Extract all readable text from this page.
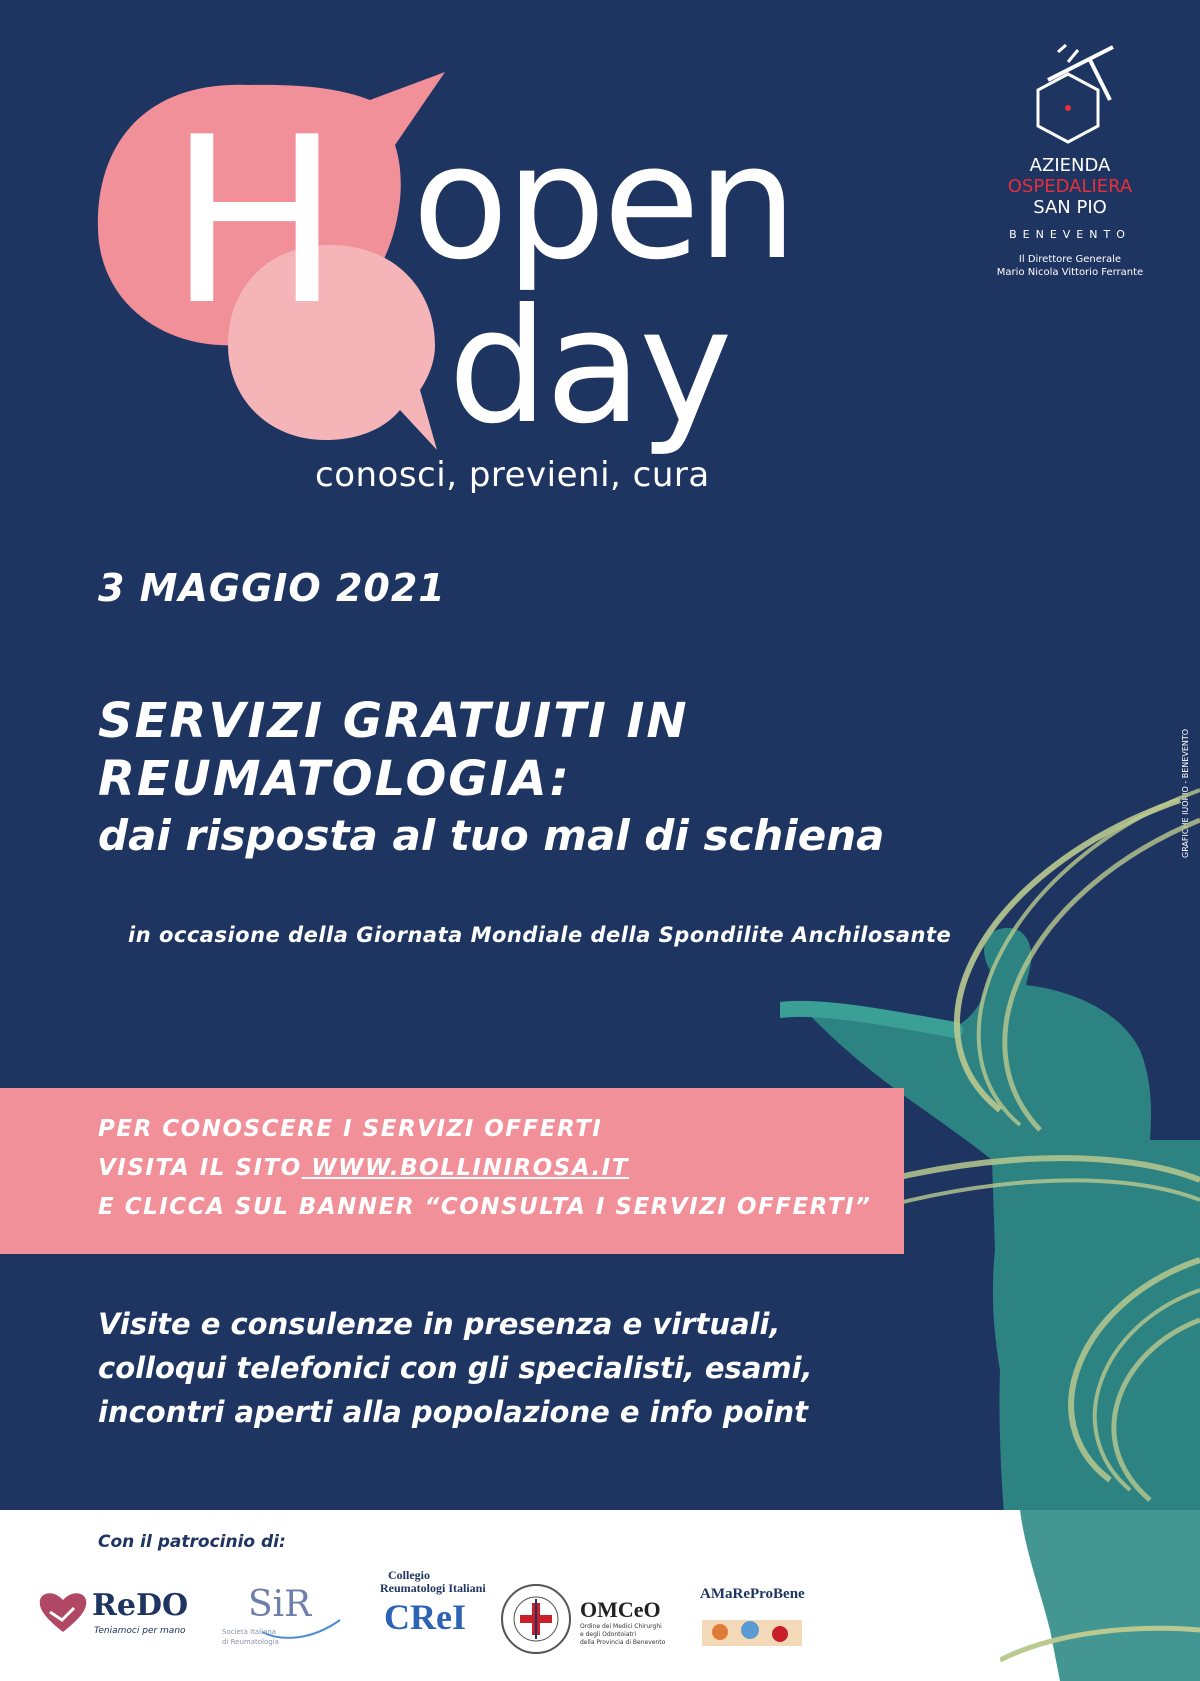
H open
day
conosci, previeni, cura
AZIENDA
OSPEDALIERA
SAN PIO
BENEVENTO
Il Direttore Generale
Mario Nicola Vittorio Ferrante
3 MAGGIO 2021
SERVIZI GRATUITI IN
REUMATOLOGIA:
dai risposta al tuo mal di schiena
in occasione della Giornata Mondiale della Spondilite Anchilosante
GRAFICHE IUORIO - BENEVENTO
PER CONOSCERE I SERVIZI OFFERTI
VISITA IL SITO WWW.BOLLINIROSA.IT
E CLICCA SUL BANNER “CONSULTA I SERVIZI OFFERTI”
Visite e consulenze in presenza e virtuali,
colloqui telefonici con gli specialisti, esami,
incontri aperti alla popolazione e info point
Con il patrocinio di:
ReDO
Teniamoci per mano
SiR
Società Italiana
di Reumatologia
Collegio
Reumatologi Italiani
CReI	OMCeO
Ordine dei Medici Chirurghi
e degli Odontoiatri
della Provincia di Benevento
AMaReProBene
